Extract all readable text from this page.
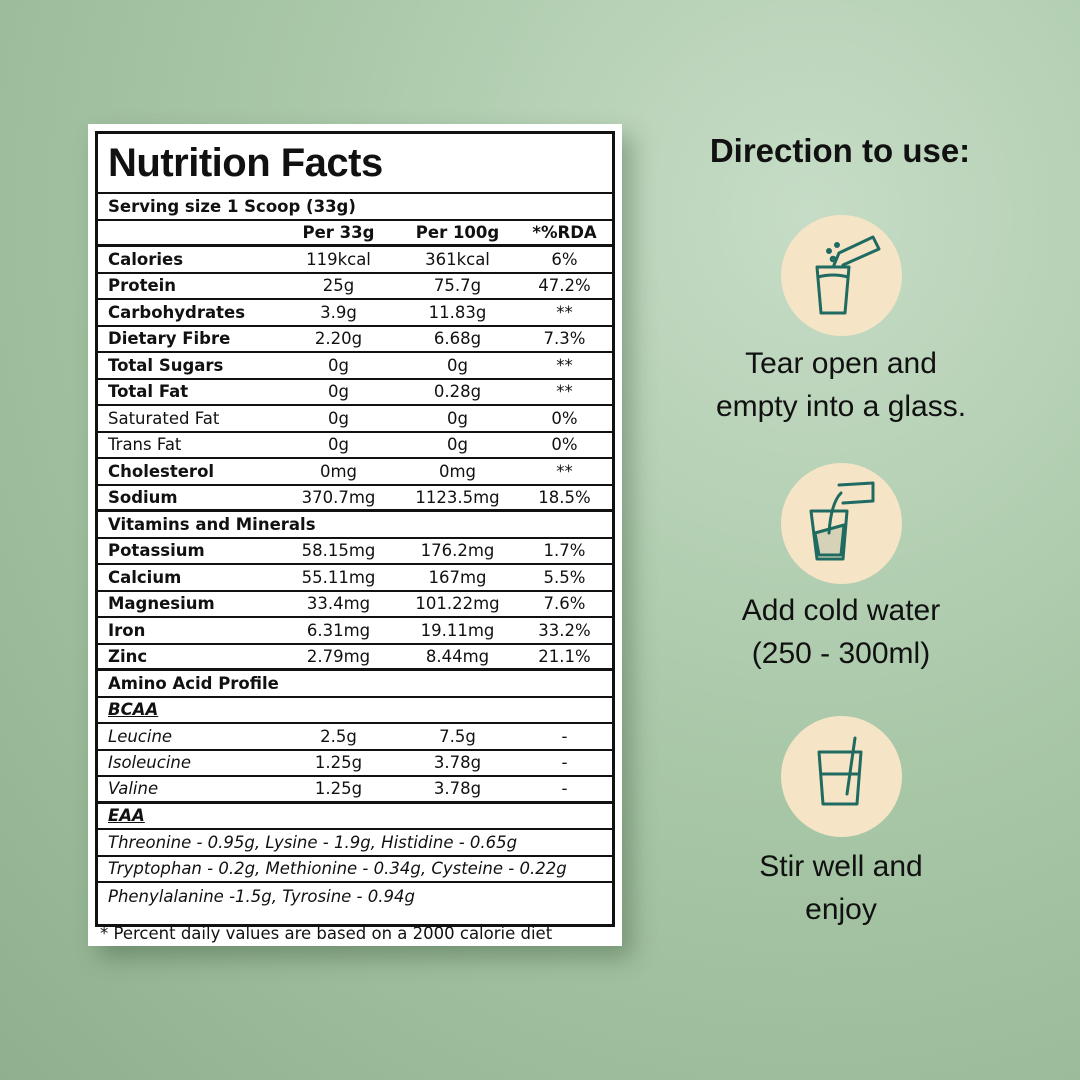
Nutrition Facts
Serving size 1 Scoop (33g)
Per 33g	Per 100g	*%RDA
Calories	119kcal	361kcal	6%
Protein	25g	75.7g	47.2%
Carbohydrates	3.9g	11.83g	**
Dietary Fibre	2.20g	6.68g	7.3%
Total Sugars	0g	0g	**
Total Fat	0g	0.28g	**
Saturated Fat	0g	0g	0%
Trans Fat	0g	0g	0%
Cholesterol	0mg	0mg	**
Sodium	370.7mg	1123.5mg	18.5%
Vitamins and Minerals
Potassium	58.15mg	176.2mg	1.7%
Calcium	55.11mg	167mg	5.5%
Magnesium	33.4mg	101.22mg	7.6%
Iron	6.31mg	19.11mg	33.2%
Zinc	2.79mg	8.44mg	21.1%
Amino Acid Profile
BCAA
Leucine	2.5g	7.5g	-
Isoleucine	1.25g	3.78g	-
Valine	1.25g	3.78g	-
EAA
Threonine - 0.95g, Lysine - 1.9g, Histidine - 0.65g
Tryptophan - 0.2g, Methionine - 0.34g, Cysteine - 0.22g
Phenylalanine -1.5g, Tyrosine - 0.94g
* Percent daily values are based on a 2000 calorie diet
Direction to use:
Tear open and
empty into a glass.
Add cold water
(250 - 300ml)
Stir well and
enjoy
